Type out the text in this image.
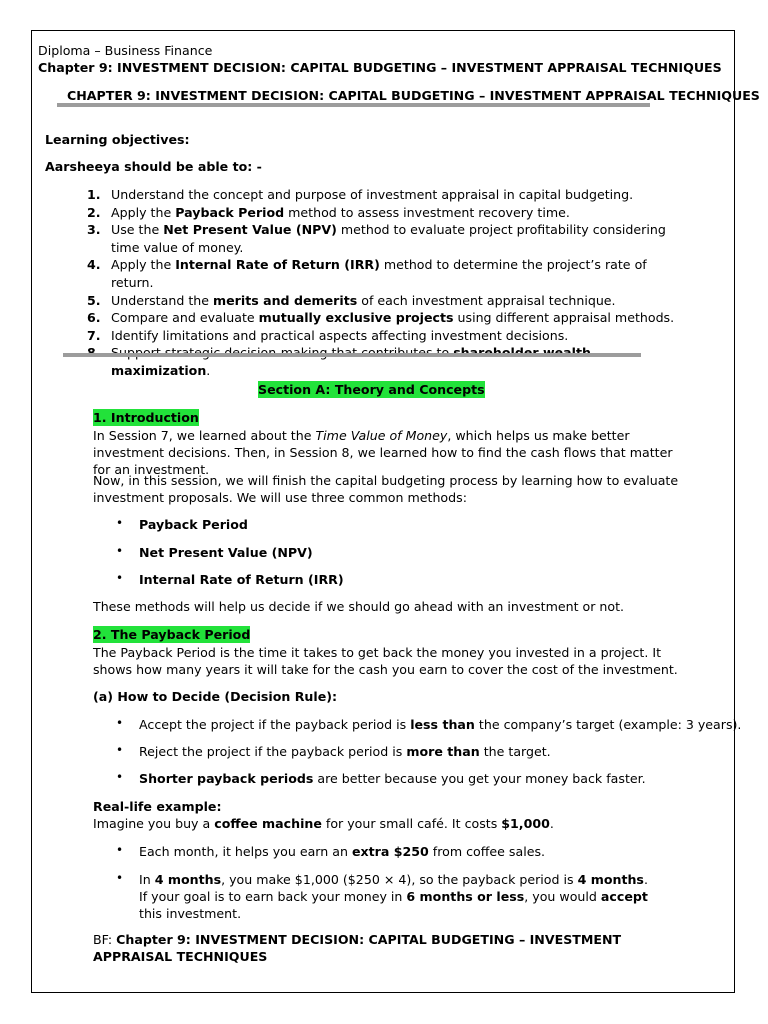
Diploma – Business Finance
Chapter 9: INVESTMENT DECISION: CAPITAL BUDGETING – INVESTMENT APPRAISAL TECHNIQUES
CHAPTER 9: INVESTMENT DECISION: CAPITAL BUDGETING – INVESTMENT APPRAISAL TECHNIQUES
Learning objectives:
Aarsheeya should be able to: -
1. Understand the concept and purpose of investment appraisal in capital budgeting.
2. Apply the Payback Period method to assess investment recovery time.
3. Use the Net Present Value (NPV) method to evaluate project profitability considering time value of money.
4. Apply the Internal Rate of Return (IRR) method to determine the project’s rate of return.
5. Understand the merits and demerits of each investment appraisal technique.
6. Compare and evaluate mutually exclusive projects using different appraisal methods.
7. Identify limitations and practical aspects affecting investment decisions.
maximization.
Section A: Theory and Concepts
1. Introduction

In Session 7, we learned about the Time Value of Money, which helps us make better investment decisions. Then, in Session 8, we learned how to find the cash flows that matter for an investment.

Now, in this session, we will finish the capital budgeting process by learning how to evaluate investment proposals. We will use three common methods:

• Payback Period
• Net Present Value (NPV)
• Internal Rate of Return (IRR)
These methods will help us decide if we should go ahead with an investment or not.
2. The Payback Period

The Payback Period is the time it takes to get back the money you invested in a project. It shows how many years it will take for the cash you earn to cover the cost of the investment.

(a) How to Decide (Decision Rule):
• Accept the project if the payback period is less than the company’s target (example: 3 years).
• Reject the project if the payback period is more than the target.
• Shorter payback periods are better because you get your money back faster.
Real-life example:
Imagine you buy a coffee machine for your small café. It costs $1,000.
• Each month, it helps you earn an extra $250 from coffee sales.
• In 4 months, you make $1,000 ($250 × 4), so the payback period is 4 months.

If your goal is to earn back your money in 6 months or less, you would accept this investment.

BF: Chapter 9: INVESTMENT DECISION: CAPITAL BUDGETING – INVESTMENT APPRAISAL TECHNIQUES
